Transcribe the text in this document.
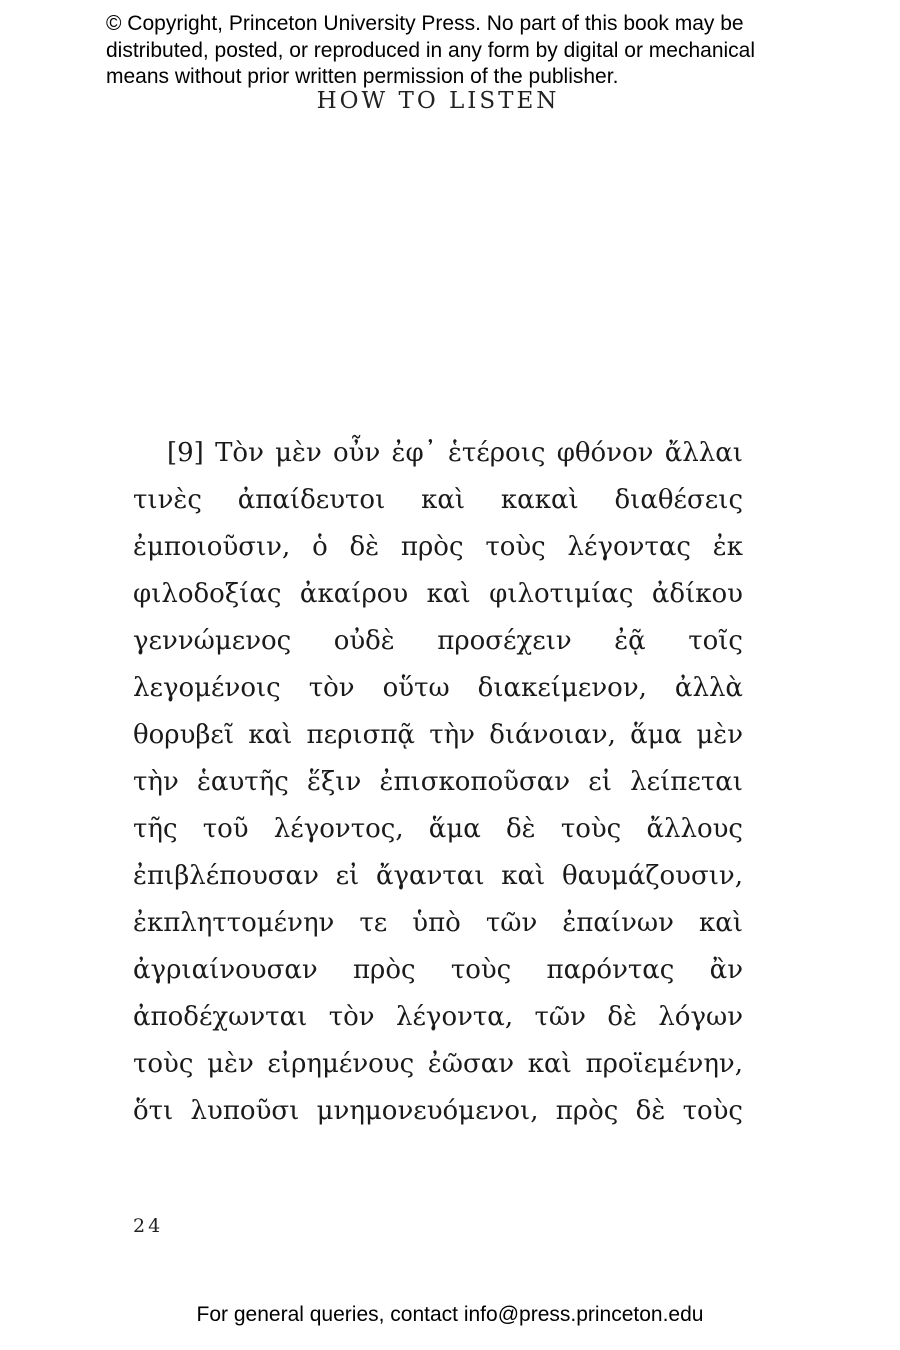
© Copyright, Princeton University Press. No part of this book may be
distributed, posted, or reproduced in any form by digital or mechanical
means without prior written permission of the publisher.
HOW TO LISTEN
[9] Τὸν μὲν οὖν ἐφ᾽ ἑτέροις φθόνον ἄλλαι
τινὲς ἀπαίδευτοι καὶ κακαὶ διαθέσεις
ἐμποιοῦσιν, ὁ δὲ πρὸς τοὺς λέγοντας ἐκ
φιλοδοξίας ἀκαίρου καὶ φιλοτιμίας ἀδίκου
γεννώμενος οὐδὲ προσέχειν ἐᾷ τοῖς
λεγομένοις τὸν οὕτω διακείμενον, ἀλλὰ
θορυβεῖ καὶ περισπᾷ τὴν διάνοιαν, ἅμα μὲν
τὴν ἑαυτῆς ἕξιν ἐπισκοποῦσαν εἰ λείπεται
τῆς τοῦ λέγοντος, ἅμα δὲ τοὺς ἄλλους
ἐπιβλέπουσαν εἰ ἄγανται καὶ θαυμάζουσιν,
ἐκπληττομένην τε ὑπὸ τῶν ἐπαίνων καὶ
ἀγριαίνουσαν πρὸς τοὺς παρόντας ἂν
ἀποδέχωνται τὸν λέγοντα, τῶν δὲ λόγων
τοὺς μὲν εἰρημένους ἐῶσαν καὶ προϊεμένην,
ὅτι λυποῦσι μνημονευόμενοι, πρὸς δὲ τοὺς
24
For general queries, contact info@press.princeton.edu
